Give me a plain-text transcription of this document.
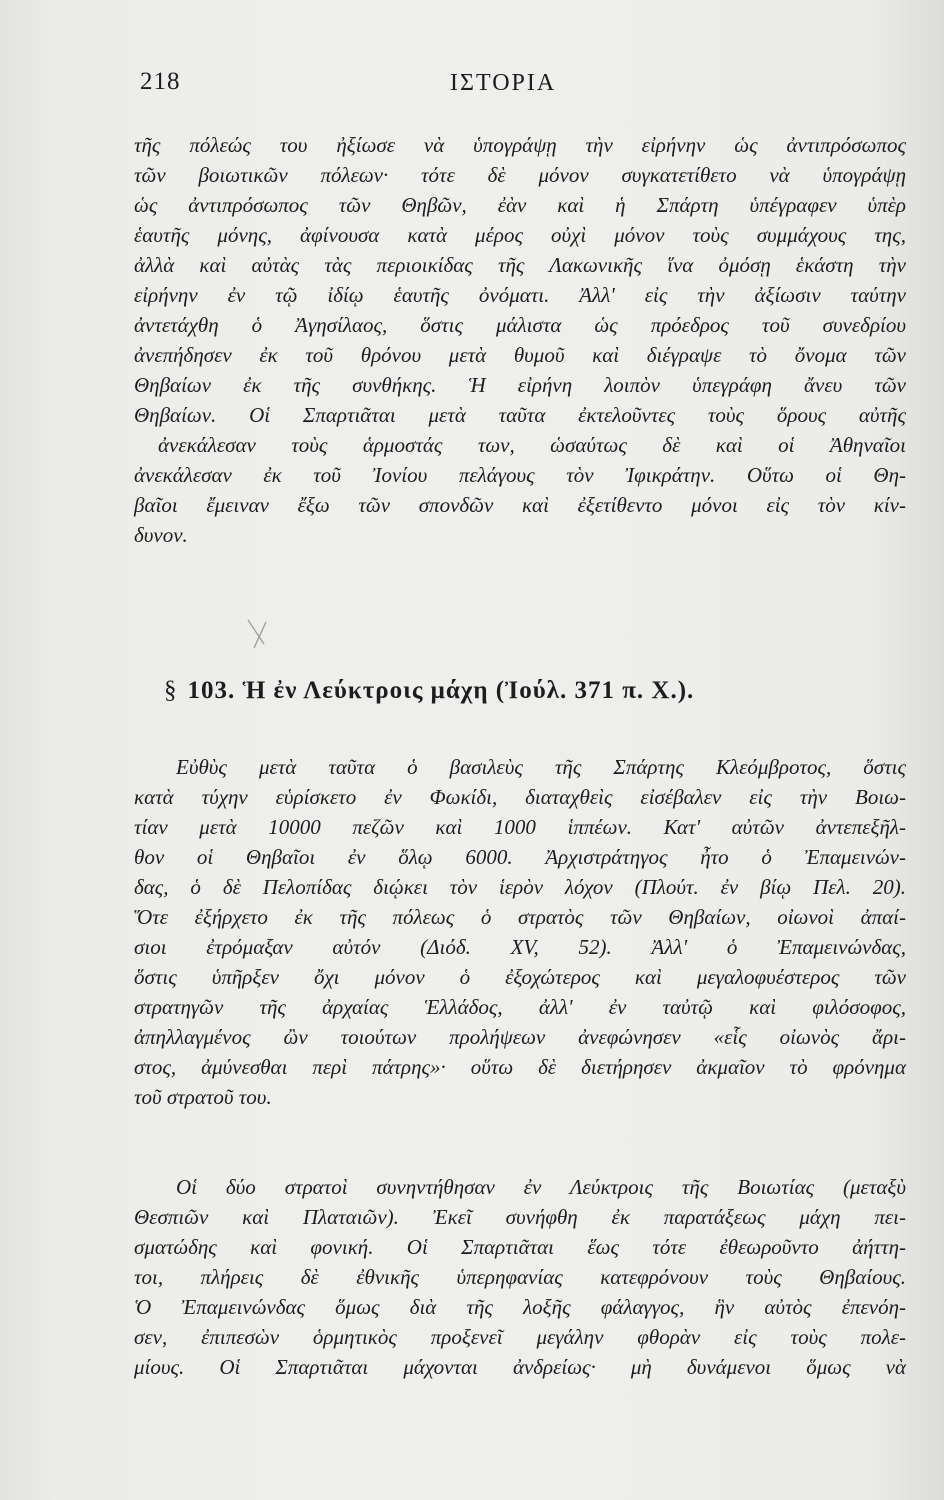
218	ΙΣΤΟΡΙΑ
τῆς πόλεώς του ἠξίωσε νὰ ὑπογράψῃ τὴν εἰρήνην ὡς ἀντιπρόσωπος
τῶν βοιωτικῶν πόλεων· τότε δὲ μόνον συγκατετίθετο νὰ ὑπογράψῃ
ὡς ἀντιπρόσωπος τῶν Θηβῶν, ἐὰν καὶ ἡ Σπάρτη ὑπέγραφεν ὑπὲρ
ἑαυτῆς μόνης, ἀφίνουσα κατὰ μέρος οὐχὶ μόνον τοὺς συμμάχους της,
ἀλλὰ καὶ αὐτὰς τὰς περιοικίδας τῆς Λακωνικῆς ἵνα ὀμόσῃ ἑκάστη τὴν
εἰρήνην ἐν τῷ ἰδίῳ ἑαυτῆς ὀνόματι. Ἀλλ' εἰς τὴν ἀξίωσιν ταύτην
ἀντετάχθη ὁ Ἀγησίλαος, ὅστις μάλιστα ὡς πρόεδρος τοῦ συνεδρίου
ἀνεπήδησεν ἐκ τοῦ θρόνου μετὰ θυμοῦ καὶ διέγραψε τὸ ὄνομα τῶν
Θηβαίων ἐκ τῆς συνθήκης. Ἡ εἰρήνη λοιπὸν ὑπεγράφη ἄνευ τῶν
Θηβαίων. Οἱ Σπαρτιᾶται μετὰ ταῦτα ἐκτελοῦντες τοὺς ὅρους αὐτῆς
ἀνεκάλεσαν τοὺς ἁρμοστάς των, ὡσαύτως δὲ καὶ οἱ Ἀθηναῖοι
ἀνεκάλεσαν ἐκ τοῦ Ἰονίου πελάγους τὸν Ἰφικράτην. Οὕτω οἱ Θη-
βαῖοι ἔμειναν ἔξω τῶν σπονδῶν καὶ ἐξετίθεντο μόνοι εἰς τὸν κίν-
δυνον.
§ 103. Ἡ ἐν Λεύκτροις μάχη (Ἰούλ. 371 π. Χ.).
Εὐθὺς μετὰ ταῦτα ὁ βασιλεὺς τῆς Σπάρτης Κλεόμβροτος, ὅστις
κατὰ τύχην εὑρίσκετο ἐν Φωκίδι, διαταχθεὶς εἰσέβαλεν εἰς τὴν Βοιω-
τίαν μετὰ 10000 πεζῶν καὶ 1000 ἱππέων. Κατ' αὐτῶν ἀντεπεξῆλ-
θον οἱ Θηβαῖοι ἐν ὅλῳ 6000. Ἀρχιστράτηγος ἦτο ὁ Ἐπαμεινών-
δας, ὁ δὲ Πελοπίδας διῴκει τὸν ἱερὸν λόχον (Πλούτ. ἐν βίῳ Πελ. 20).
Ὅτε ἐξήρχετο ἐκ τῆς πόλεως ὁ στρατὸς τῶν Θηβαίων, οἰωνοὶ ἀπαί-
σιοι ἐτρόμαξαν αὐτόν (Διόδ. XV, 52). Ἀλλ' ὁ Ἐπαμεινώνδας,
ὅστις ὑπῆρξεν ὄχι μόνον ὁ ἐξοχώτερος καὶ μεγαλοφυέστερος τῶν
στρατηγῶν τῆς ἀρχαίας Ἑλλάδος, ἀλλ' ἐν ταὐτῷ καὶ φιλόσοφος,
ἀπηλλαγμένος ὢν τοιούτων προλήψεων ἀνεφώνησεν «εἷς οἰωνὸς ἄρι-
στος, ἀμύνεσθαι περὶ πάτρης»· οὕτω δὲ διετήρησεν ἀκμαῖον τὸ φρόνημα
τοῦ στρατοῦ του.
Οἱ δύο στρατοὶ συνηντήθησαν ἐν Λεύκτροις τῆς Βοιωτίας (μεταξὺ
Θεσπιῶν καὶ Πλαταιῶν). Ἐκεῖ συνήφθη ἐκ παρατάξεως μάχη πει-
σματώδης καὶ φονική. Οἱ Σπαρτιᾶται ἕως τότε ἐθεωροῦντο ἀήττη-
τοι, πλήρεις δὲ ἐθνικῆς ὑπερηφανίας κατεφρόνουν τοὺς Θηβαίους.
Ὁ Ἐπαμεινώνδας ὅμως διὰ τῆς λοξῆς φάλαγγος, ἣν αὐτὸς ἐπενόη-
σεν, ἐπιπεσὼν ὁρμητικὸς προξενεῖ μεγάλην φθορὰν εἰς τοὺς πολε-
μίους. Οἱ Σπαρτιᾶται μάχονται ἀνδρείως· μὴ δυνάμενοι ὅμως νὰ
